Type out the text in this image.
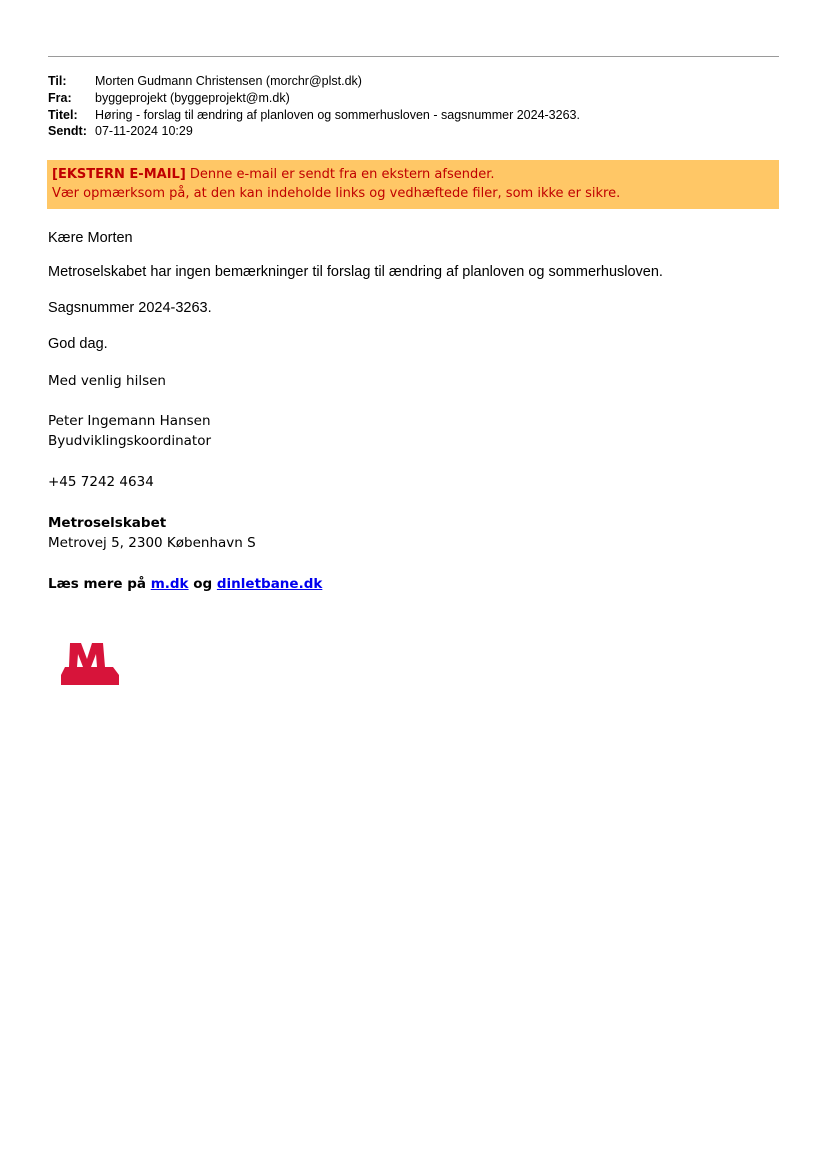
Til: Morten Gudmann Christensen (morchr@plst.dk)
Fra: byggeprojekt (byggeprojekt@m.dk)
Titel: Høring - forslag til ændring af planloven og sommerhusloven - sagsnummer 2024-3263.
Sendt: 07-11-2024 10:29
[EKSTERN E-MAIL] Denne e-mail er sendt fra en ekstern afsender.
Vær opmærksom på, at den kan indeholde links og vedhæftede filer, som ikke er sikre.
Kære Morten
Metroselskabet har ingen bemærkninger til forslag til ændring af planloven og sommerhusloven.
Sagsnummer 2024-3263.
God dag.
Med venlig hilsen
Peter Ingemann Hansen
Byudviklingskoordinator
+45 7242 4634
Metroselskabet
Metrovej 5, 2300 København S
Læs mere på m.dk og dinletbane.dk
